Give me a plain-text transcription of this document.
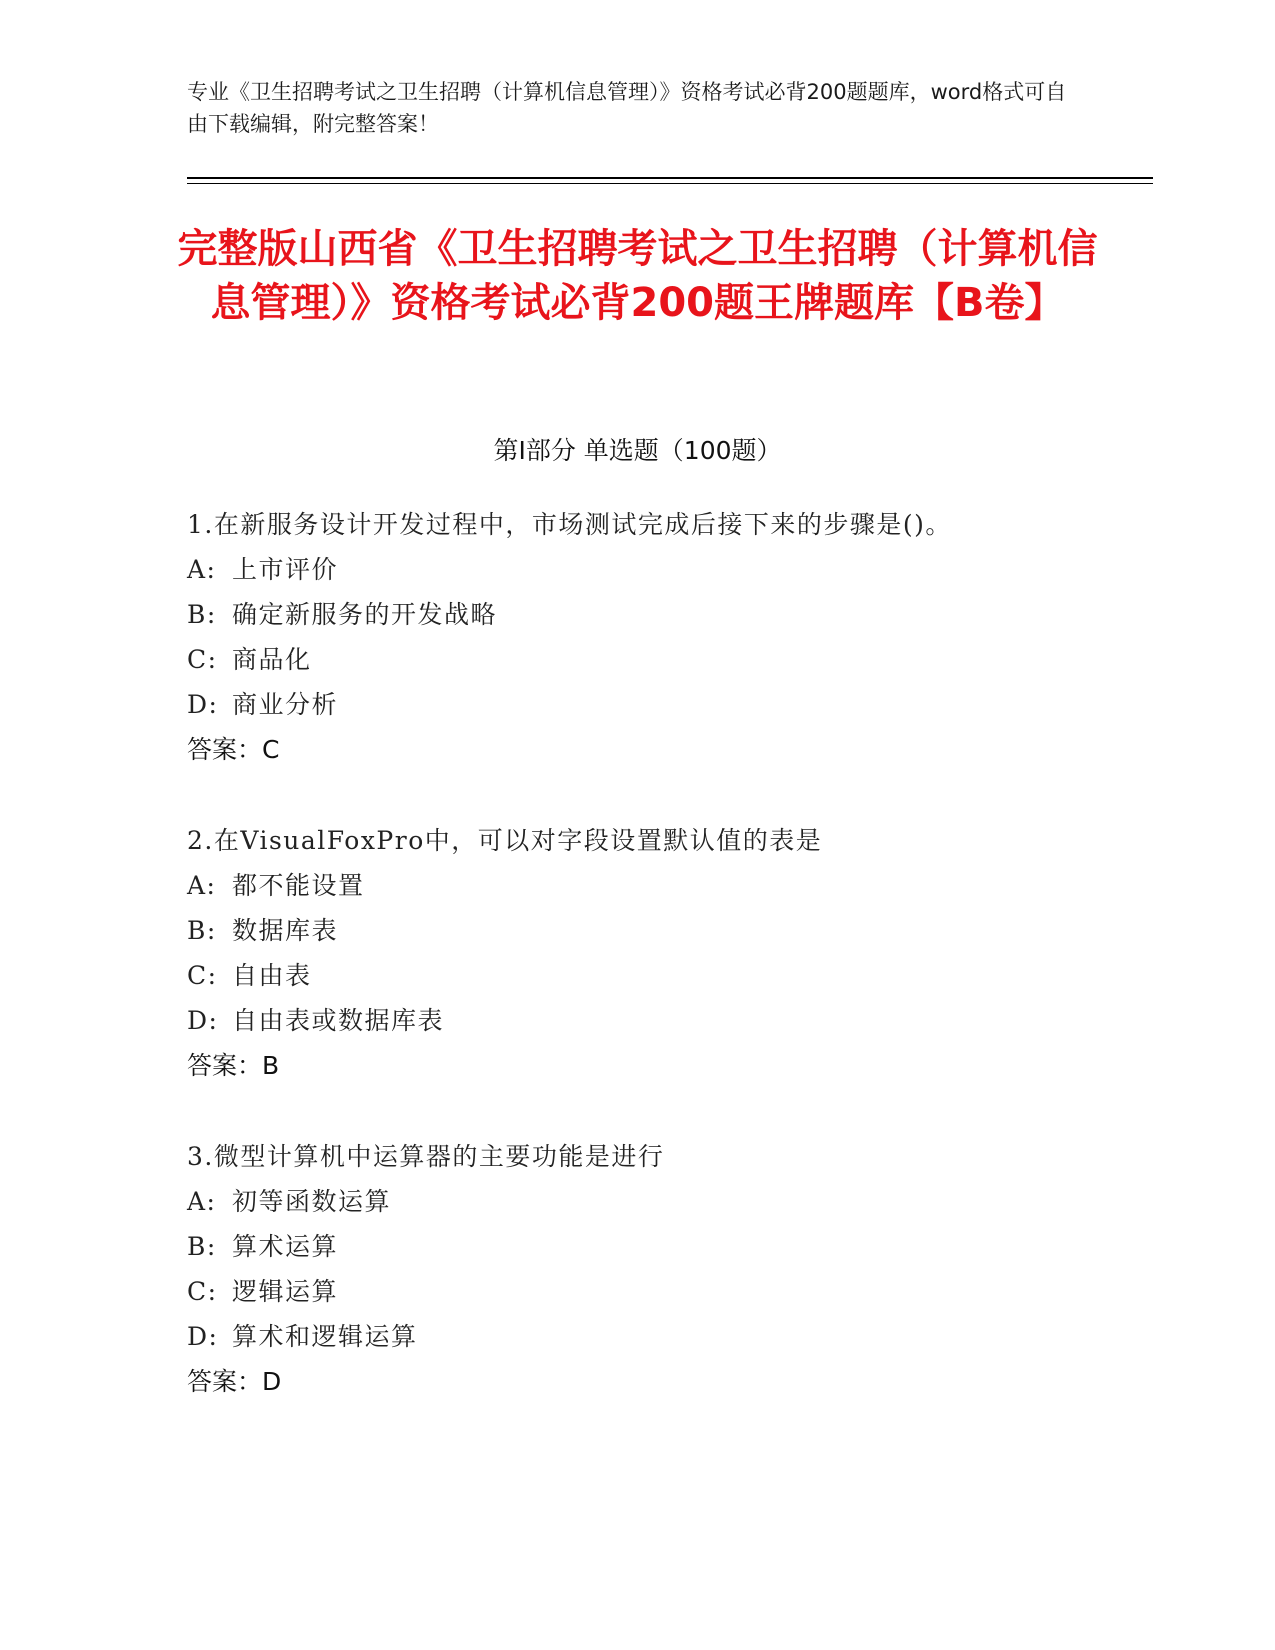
专业《卫生招聘考试之卫生招聘（计算机信息管理）》资格考试必背200题题库，word格式可自由下载编辑，附完整答案！
完整版山西省《卫生招聘考试之卫生招聘（计算机信息管理）》资格考试必背200题王牌题库【B卷】
第Ⅰ部分 单选题（100题）
1.在新服务设计开发过程中，市场测试完成后接下来的步骤是()。
A: 上市评价
B: 确定新服务的开发战略
C: 商品化
D: 商业分析
答案：C
2.在VisualFoxPro中，可以对字段设置默认值的表是
A: 都不能设置
B: 数据库表
C: 自由表
D: 自由表或数据库表
答案：B
3.微型计算机中运算器的主要功能是进行
A: 初等函数运算
B: 算术运算
C: 逻辑运算
D: 算术和逻辑运算
答案：D
